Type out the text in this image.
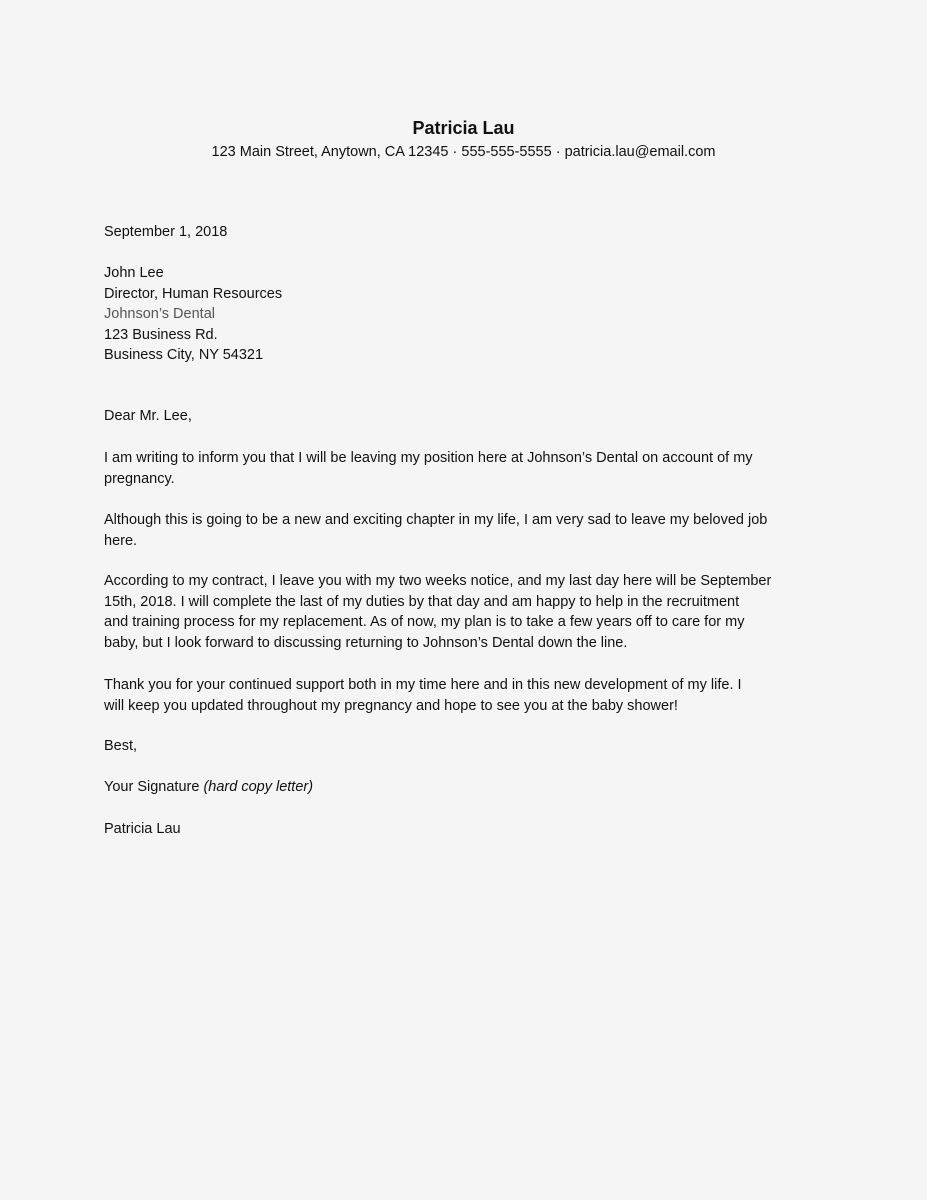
Patricia Lau
123 Main Street, Anytown, CA 12345 · 555-555-5555 · patricia.lau@email.com
September 1, 2018
John Lee
Director, Human Resources
Johnson’s Dental
123 Business Rd.
Business City, NY 54321
Dear Mr. Lee,
I am writing to inform you that I will be leaving my position here at Johnson’s Dental on account of my
pregnancy.
Although this is going to be a new and exciting chapter in my life, I am very sad to leave my beloved job
here.
According to my contract, I leave you with my two weeks notice, and my last day here will be September
15th, 2018. I will complete the last of my duties by that day and am happy to help in the recruitment
and training process for my replacement. As of now, my plan is to take a few years off to care for my
baby, but I look forward to discussing returning to Johnson’s Dental down the line.
Thank you for your continued support both in my time here and in this new development of my life. I
will keep you updated throughout my pregnancy and hope to see you at the baby shower!
Best,
Your Signature (hard copy letter)
Patricia Lau
